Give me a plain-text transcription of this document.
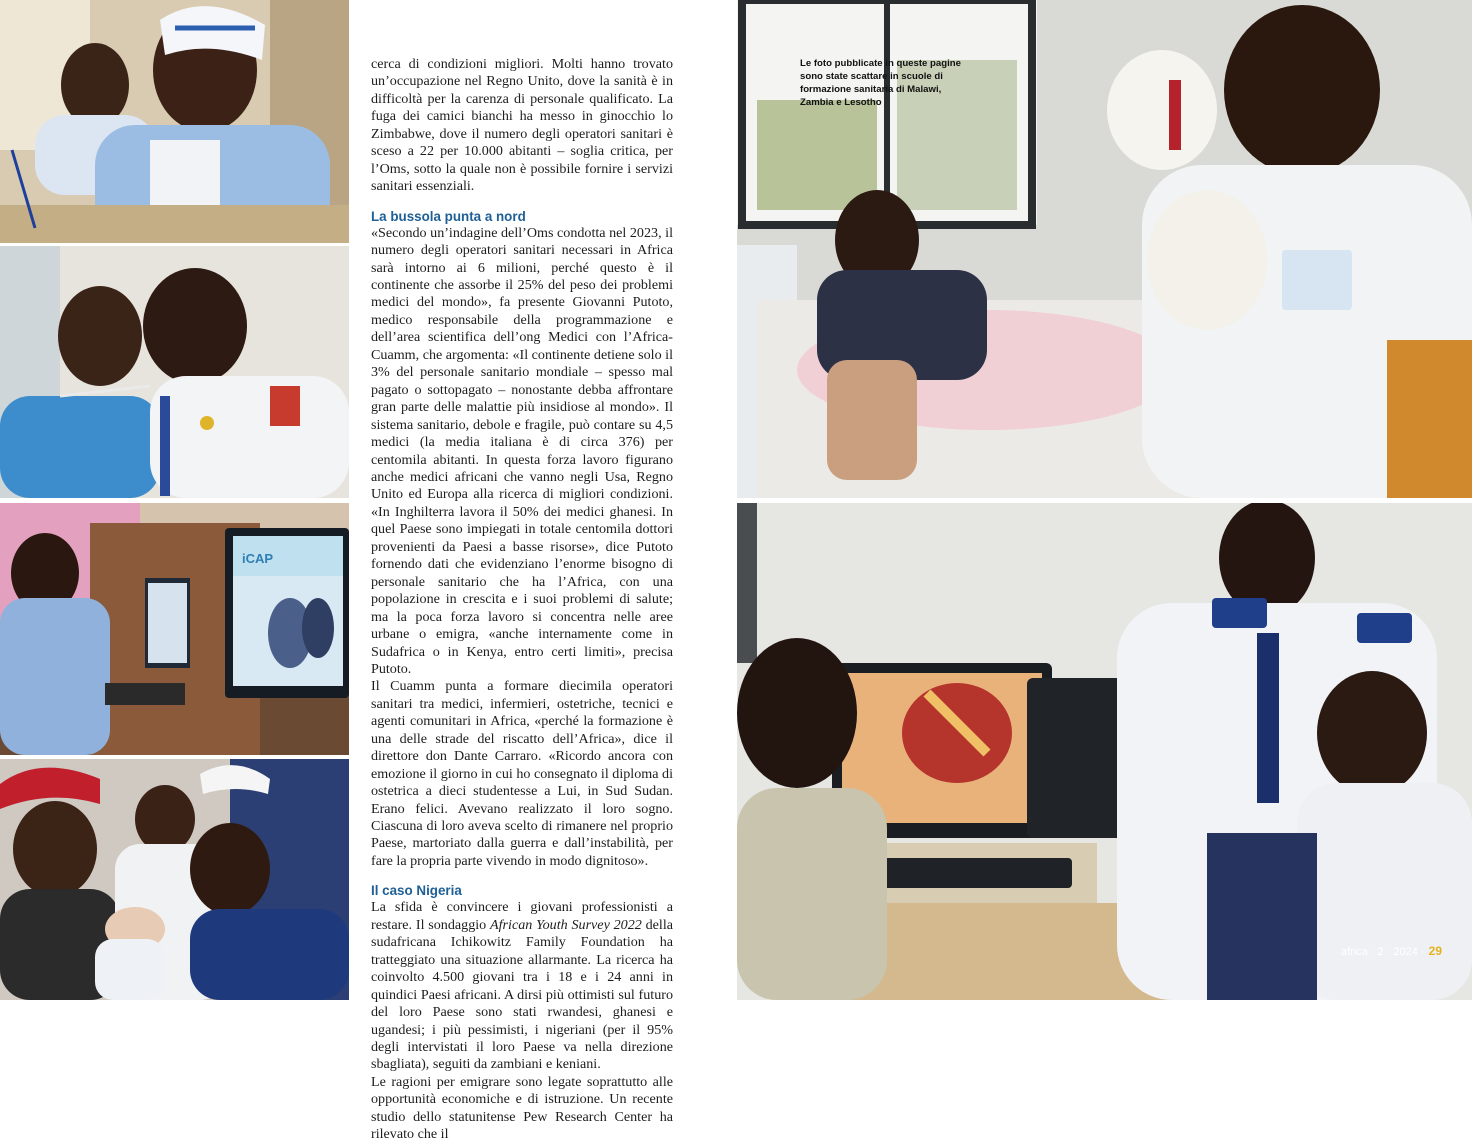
iCAP

cerca di condizioni migliori. Molti hanno trovato un’occupazione nel Regno Unito, dove la sanità è in difficoltà per la carenza di personale qualificato. La fuga dei camici bianchi ha messo in ginocchio lo Zimbabwe, dove il numero degli operatori sanitari è sceso a 22 per 10.000 abitanti – soglia critica, per l’Oms, sotto la quale non è possibile fornire i servizi sanitari essenziali.

La bussola punta a nord

«Secondo un’indagine dell’Oms condotta nel 2023, il numero degli operatori sanitari necessari in Africa sarà intorno ai 6 milioni, perché questo è il continente che assorbe il 25% del peso dei problemi medici del mondo», fa presente Giovanni Putoto, medico responsabile della programmazione e dell’area scientifica dell’ong Medici con l’Africa-Cuamm, che argomenta: «Il continente detiene solo il 3% del personale sanitario mondiale – spesso mal pagato o sottopagato – nonostante debba affrontare gran parte delle malattie più insidiose al mondo». Il sistema sanitario, debole e fragile, può contare su 4,5 medici (la media italiana è di circa 376) per centomila abitanti. In questa forza lavoro figurano anche medici africani che vanno negli Usa, Regno Unito ed Europa alla ricerca di migliori condizioni. «In Inghilterra lavora il 50% dei medici ghanesi. In quel Paese sono impiegati in totale centomila dottori provenienti da Paesi a basse risorse», dice Putoto fornendo dati che evidenziano l’enorme bisogno di personale sanitario che ha l’Africa, con una popolazione in crescita e i suoi problemi di salute; ma la poca forza lavoro si concentra nelle aree urbane o emigra, «anche internamente come in Sudafrica o in Kenya, entro certi limiti», precisa Putoto.

Il Cuamm punta a formare diecimila operatori sanitari tra medici, infermieri, ostetriche, tecnici e agenti comunitari in Africa, «perché la formazione è una delle strade del riscatto dell’Africa», dice il direttore don Dante Carraro. «Ricordo ancora con emozione il giorno in cui ho consegnato il diploma di ostetrica a dieci studentesse a Lui, in Sud Sudan. Erano felici. Avevano realizzato il loro sogno. Ciascuna di loro aveva scelto di rimanere nel proprio Paese, martoriato dalla guerra e dall’instabilità, per fare la propria parte vivendo in modo dignitoso».

Il caso Nigeria

La sfida è convincere i giovani professionisti a restare. Il sondaggio African Youth Survey 2022 della sudafricana Ichikowitz Family Foundation ha tratteggiato una situazione allarmante. La ricerca ha coinvolto 4.500 giovani tra i 18 e i 24 anni in quindici Paesi africani. A dirsi più ottimisti sul futuro del loro Paese sono stati rwandesi, ghanesi e ugandesi; i più pessimisti, i nigeriani (per il 95% degli intervistati il loro Paese va nella direzione sbagliata), seguiti da zambiani e keniani.

Le ragioni per emigrare sono legate soprattutto alle opportunità economiche e di istruzione. Un recente studio dello statunitense Pew Research Center ha rilevato che il

africa · 2 · 2024 · 29
Le foto pubblicate in queste pagine sono state scattare in scuole di formazione sanitaria di Malawi, Zambia e Lesotho
